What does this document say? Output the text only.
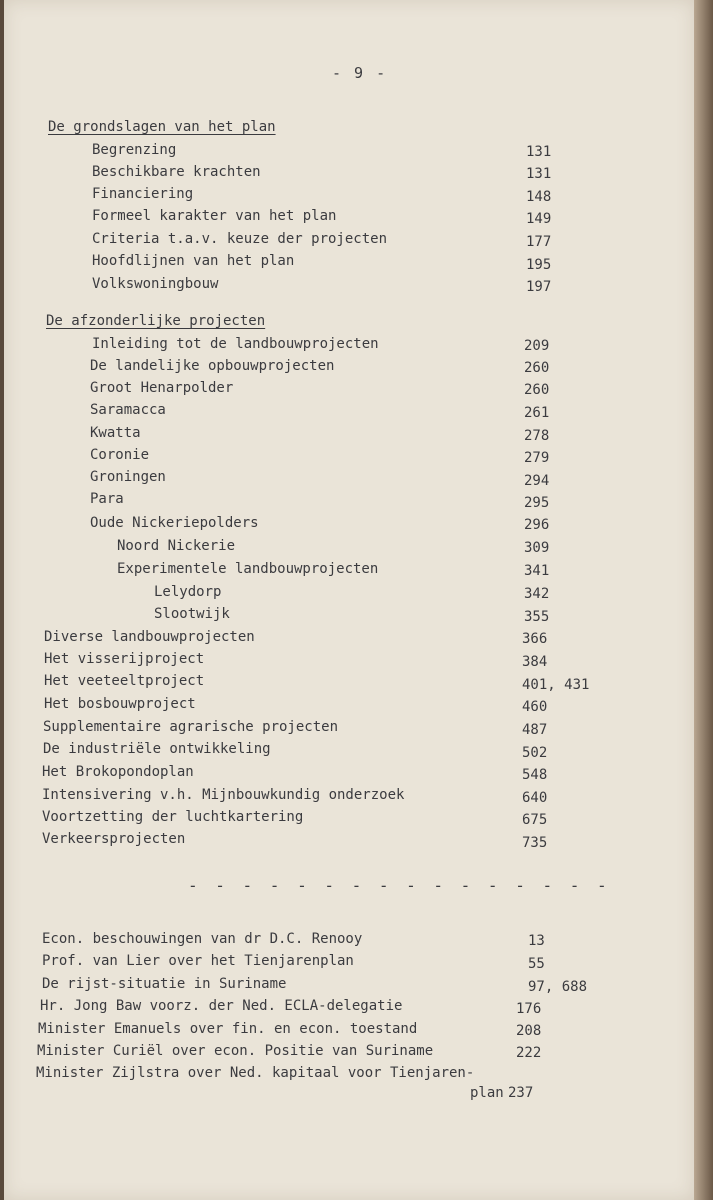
- 9 -
De_grondslagen_van_het_plan
Begrenzing	131
Beschikbare krachten	131
Financiering	148
Formeel karakter van het plan	149
Criteria t.a.v. keuze der projecten	177
Hoofdlijnen van het plan	195
Volkswoningbouw	197
De_afzonderlijke_projecten
Inleiding tot de landbouwprojecten	209
De landelijke opbouwprojecten	260
Groot Henarpolder	260
Saramacca	261
Kwatta	278
Coronie	279
Groningen	294
Para	295
Oude Nickeriepolders	296
Noord Nickerie	309
Experimentele landbouwprojecten	341
Lelydorp	342
Slootwijk	355
Diverse landbouwprojecten	366
Het visserijproject	384
Het veeteeltproject	401, 431
Het bosbouwproject	460
Supplementaire agrarische projecten	487
De industriële ontwikkeling	502
Het Brokopondoplan	548
Intensivering v.h. Mijnbouwkundig onderzoek	640
Voortzetting der luchtkartering	675
Verkeersprojecten	735
- - - - - - - - - - - - - - - -
Econ. beschouwingen van dr D.C. Renooy	13
Prof. van Lier over het Tienjarenplan	55
De rijst-situatie in Suriname	97, 688
Hr. Jong Baw voorz. der Ned. ECLA-delegatie	176
Minister Emanuels over fin. en econ. toestand	208
Minister Curiël over econ. Positie van Suriname	222
Minister Zijlstra over Ned. kapitaal voor Tienjaren-
plan 237
